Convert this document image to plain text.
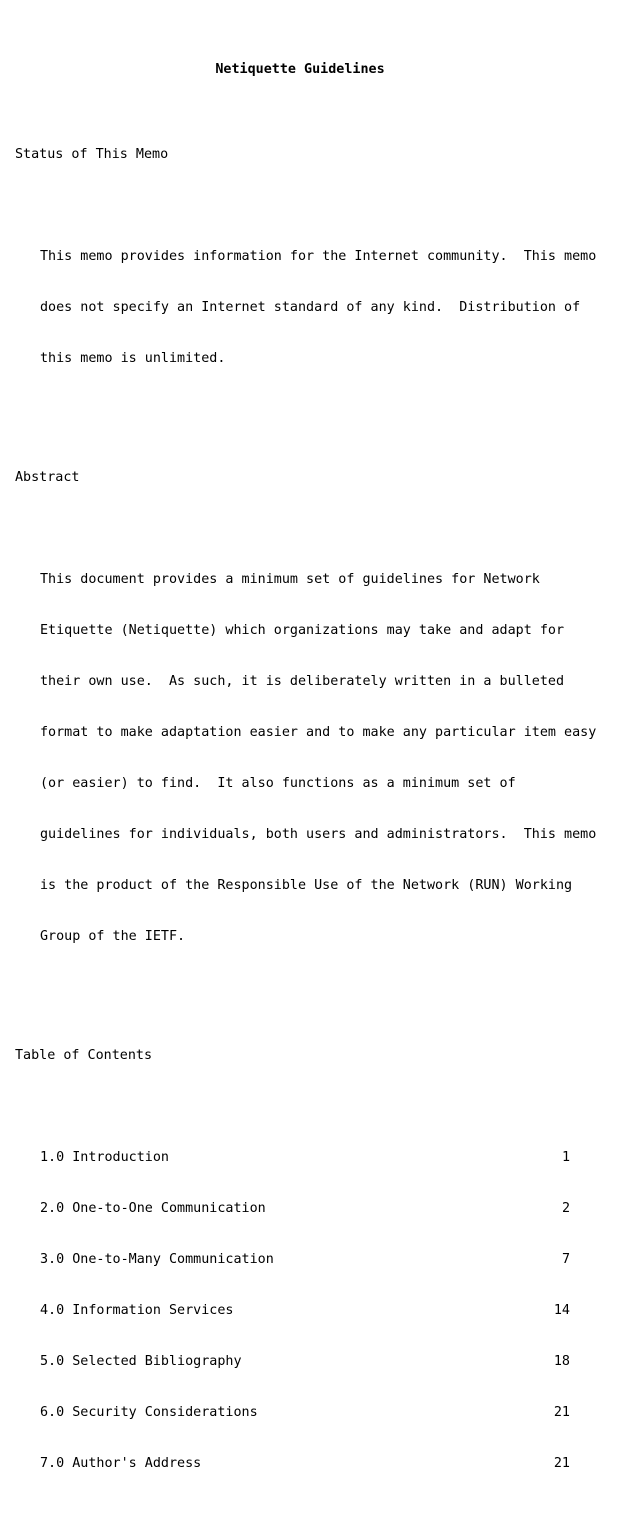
Netiquette Guidelines

Status of This Memo

This memo provides information for the Internet community.  This memo

does not specify an Internet standard of any kind.  Distribution of

this memo is unlimited.

Abstract

This document provides a minimum set of guidelines for Network

Etiquette (Netiquette) which organizations may take and adapt for

their own use.  As such, it is deliberately written in a bulleted

format to make adaptation easier and to make any particular item easy

(or easier) to find.  It also functions as a minimum set of

guidelines for individuals, both users and administrators.  This memo

is the product of the Responsible Use of the Network (RUN) Working

Group of the IETF.

Table of Contents

1.0 Introduction	1

2.0 One-to-One Communication	2

3.0 One-to-Many Communication	7

4.0 Information Services	14

5.0 Selected Bibliography	18

6.0 Security Considerations	21

7.0 Author's Address	21
